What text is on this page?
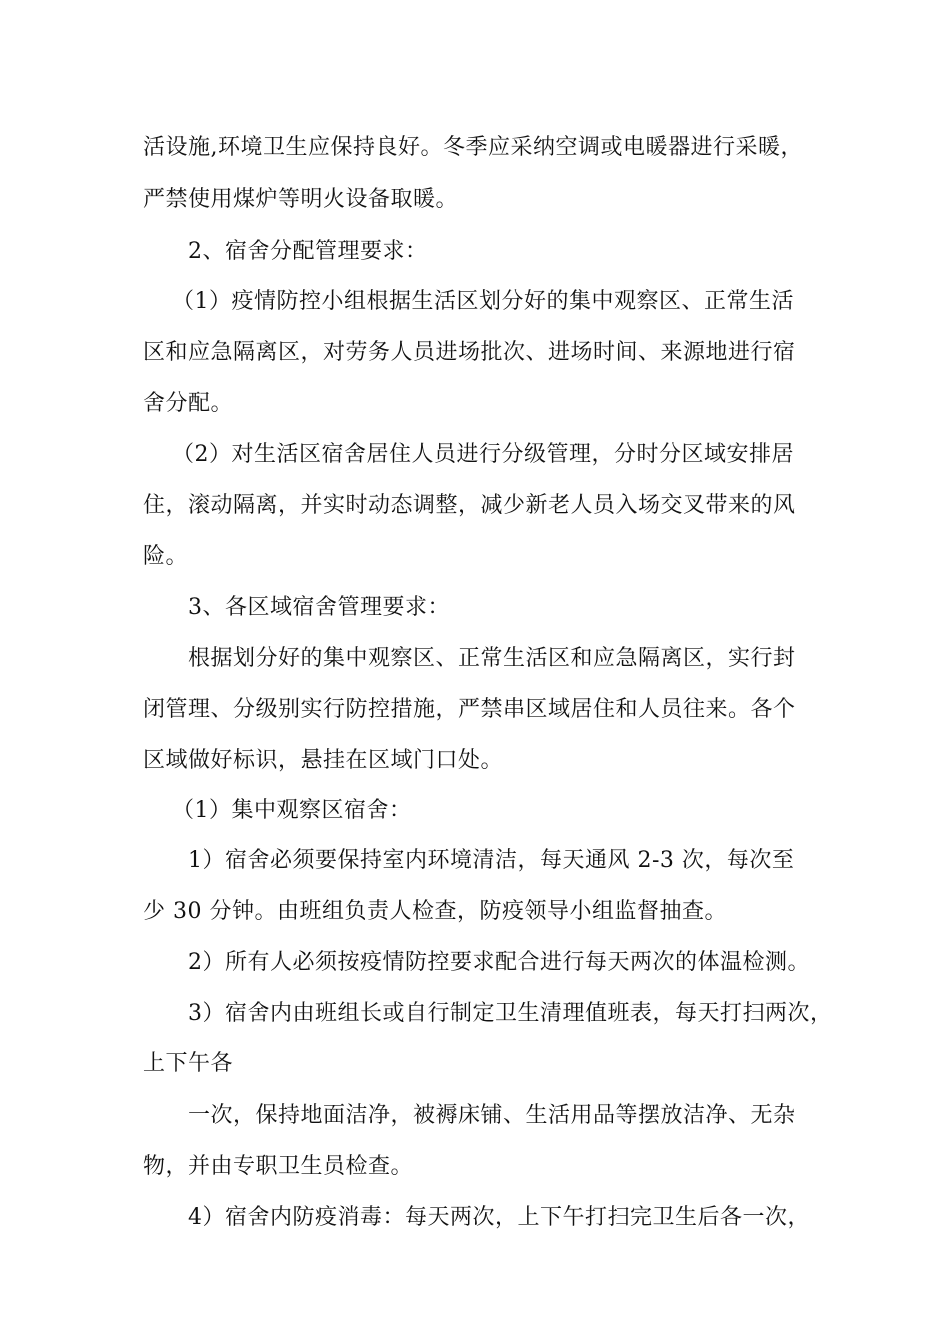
活设施,环境卫生应保持良好。冬季应采纳空调或电暖器进行采暖，
严禁使用煤炉等明火设备取暖。
2、宿舍分配管理要求：
（1）疫情防控小组根据生活区划分好的集中观察区、正常生活
区和应急隔离区，对劳务人员进场批次、进场时间、来源地进行宿
舍分配。
（2）对生活区宿舍居住人员进行分级管理，分时分区域安排居
住，滚动隔离，并实时动态调整，减少新老人员入场交叉带来的风
险。
3、各区域宿舍管理要求：
根据划分好的集中观察区、正常生活区和应急隔离区，实行封
闭管理、分级别实行防控措施，严禁串区域居住和人员往来。各个
区域做好标识，悬挂在区域门口处。
（1）集中观察区宿舍：
1）宿舍必须要保持室内环境清洁，每天通风 2-3 次，每次至
少 30 分钟。由班组负责人检查，防疫领导小组监督抽查。
2）所有人必须按疫情防控要求配合进行每天两次的体温检测。
3）宿舍内由班组长或自行制定卫生清理值班表，每天打扫两次，
上下午各
一次，保持地面洁净，被褥床铺、生活用品等摆放洁净、无杂
物，并由专职卫生员检查。
4）宿舍内防疫消毒：每天两次，上下午打扫完卫生后各一次，
